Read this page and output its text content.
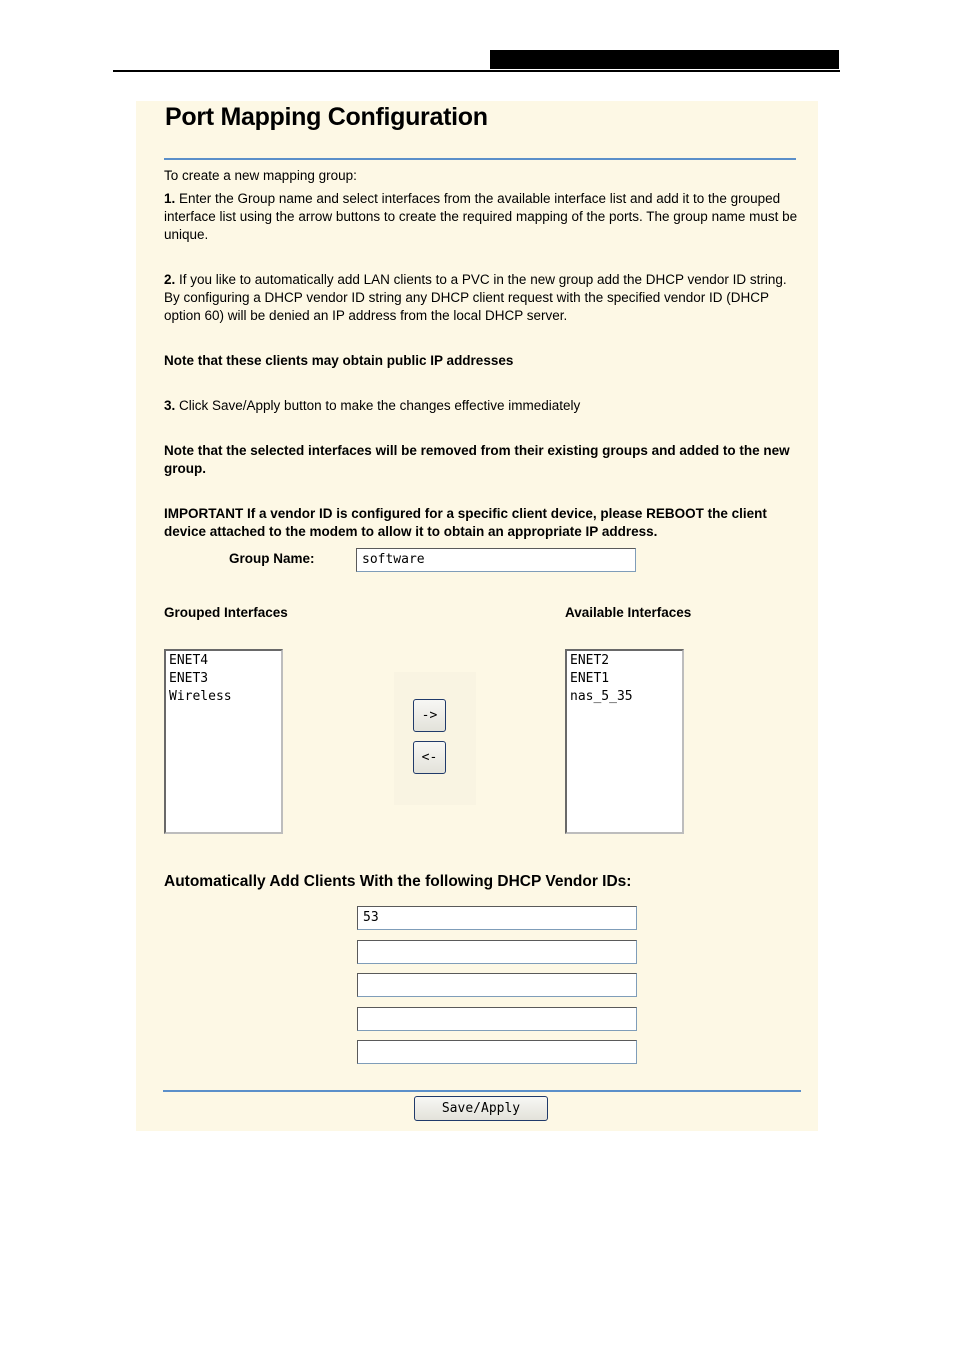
Port Mapping Configuration
To create a new mapping group:
1. Enter the Group name and select interfaces from the available interface list and add it to the grouped interface list using the arrow buttons to create the required mapping of the ports. The group name must be unique.
2. If you like to automatically add LAN clients to a PVC in the new group add the DHCP vendor ID string. By configuring a DHCP vendor ID string any DHCP client request with the specified vendor ID (DHCP option 60) will be denied an IP address from the local DHCP server.
Note that these clients may obtain public IP addresses
3. Click Save/Apply button to make the changes effective immediately
Note that the selected interfaces will be removed from their existing groups and added to the new group.
IMPORTANT If a vendor ID is configured for a specific client device, please REBOOT the client device attached to the modem to allow it to obtain an appropriate IP address.
Group Name:	software
Grouped Interfaces	Available Interfaces
ENET4
ENET3
Wireless
->
<-
ENET2
ENET1
nas_5_35
Automatically Add Clients With the following DHCP Vendor IDs:
53
Save/Apply
